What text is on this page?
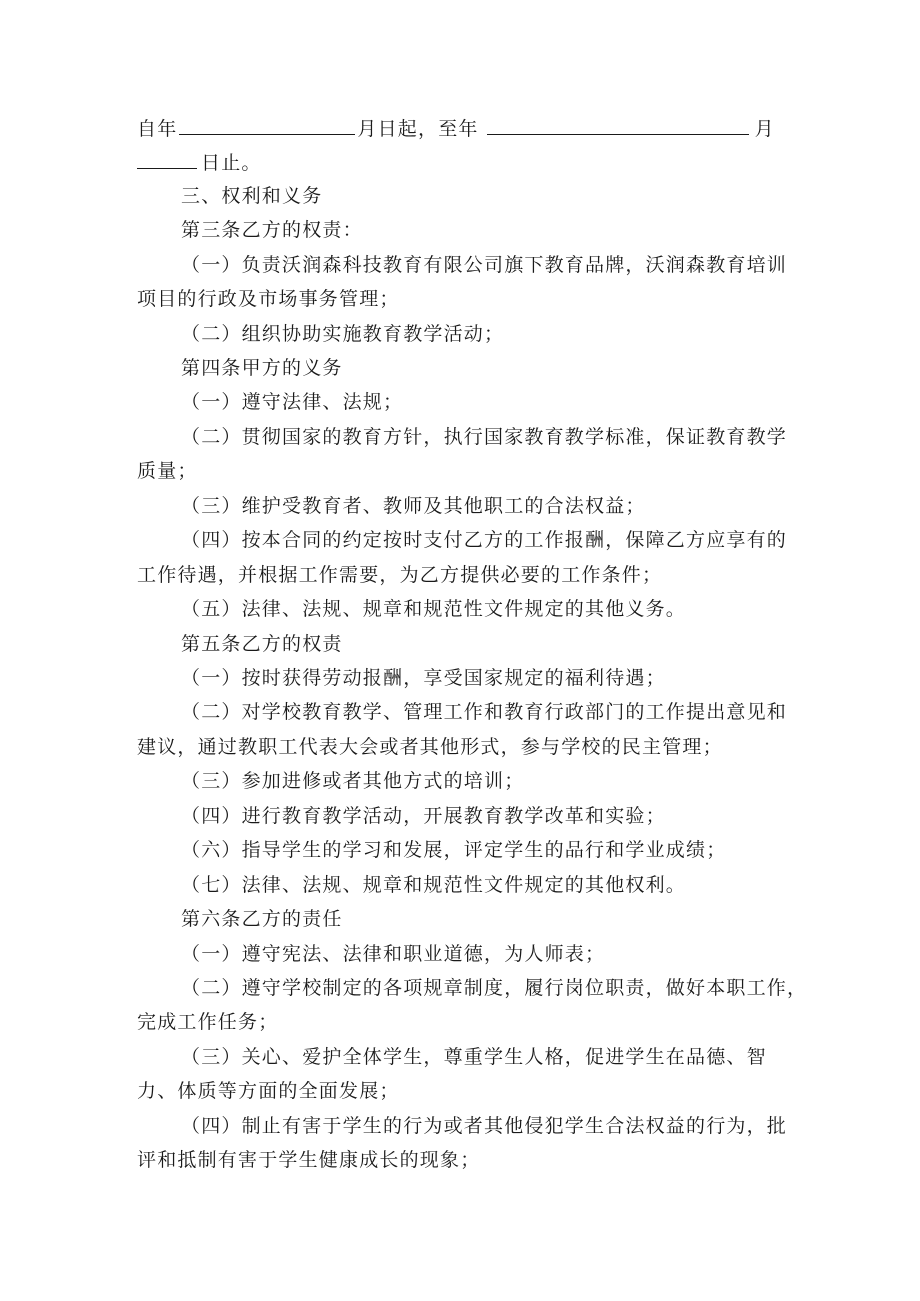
自年	月日起，至年	月
日止。
三、权利和义务
第三条乙方的权责：
（一）负责沃润森科技教育有限公司旗下教育品牌，沃润森教育培训
项目的行政及市场事务管理；
（二）组织协助实施教育教学活动；
第四条甲方的义务
（一）遵守法律、法规；
（二）贯彻国家的教育方针，执行国家教育教学标准，保证教育教学
质量；
（三）维护受教育者、教师及其他职工的合法权益；
（四）按本合同的约定按时支付乙方的工作报酬，保障乙方应享有的
工作待遇，并根据工作需要，为乙方提供必要的工作条件；
（五）法律、法规、规章和规范性文件规定的其他义务。
第五条乙方的权责
（一）按时获得劳动报酬，享受国家规定的福利待遇；
（二）对学校教育教学、管理工作和教育行政部门的工作提出意见和
建议，通过教职工代表大会或者其他形式，参与学校的民主管理；
（三）参加进修或者其他方式的培训；
（四）进行教育教学活动，开展教育教学改革和实验；
（六）指导学生的学习和发展，评定学生的品行和学业成绩；
（七）法律、法规、规章和规范性文件规定的其他权利。
第六条乙方的责任
（一）遵守宪法、法律和职业道德，为人师表；
（二）遵守学校制定的各项规章制度，履行岗位职责，做好本职工作，
完成工作任务；
（三）关心、爱护全体学生，尊重学生人格，促进学生在品德、智
力、体质等方面的全面发展；
（四）制止有害于学生的行为或者其他侵犯学生合法权益的行为，批
评和抵制有害于学生健康成长的现象；
